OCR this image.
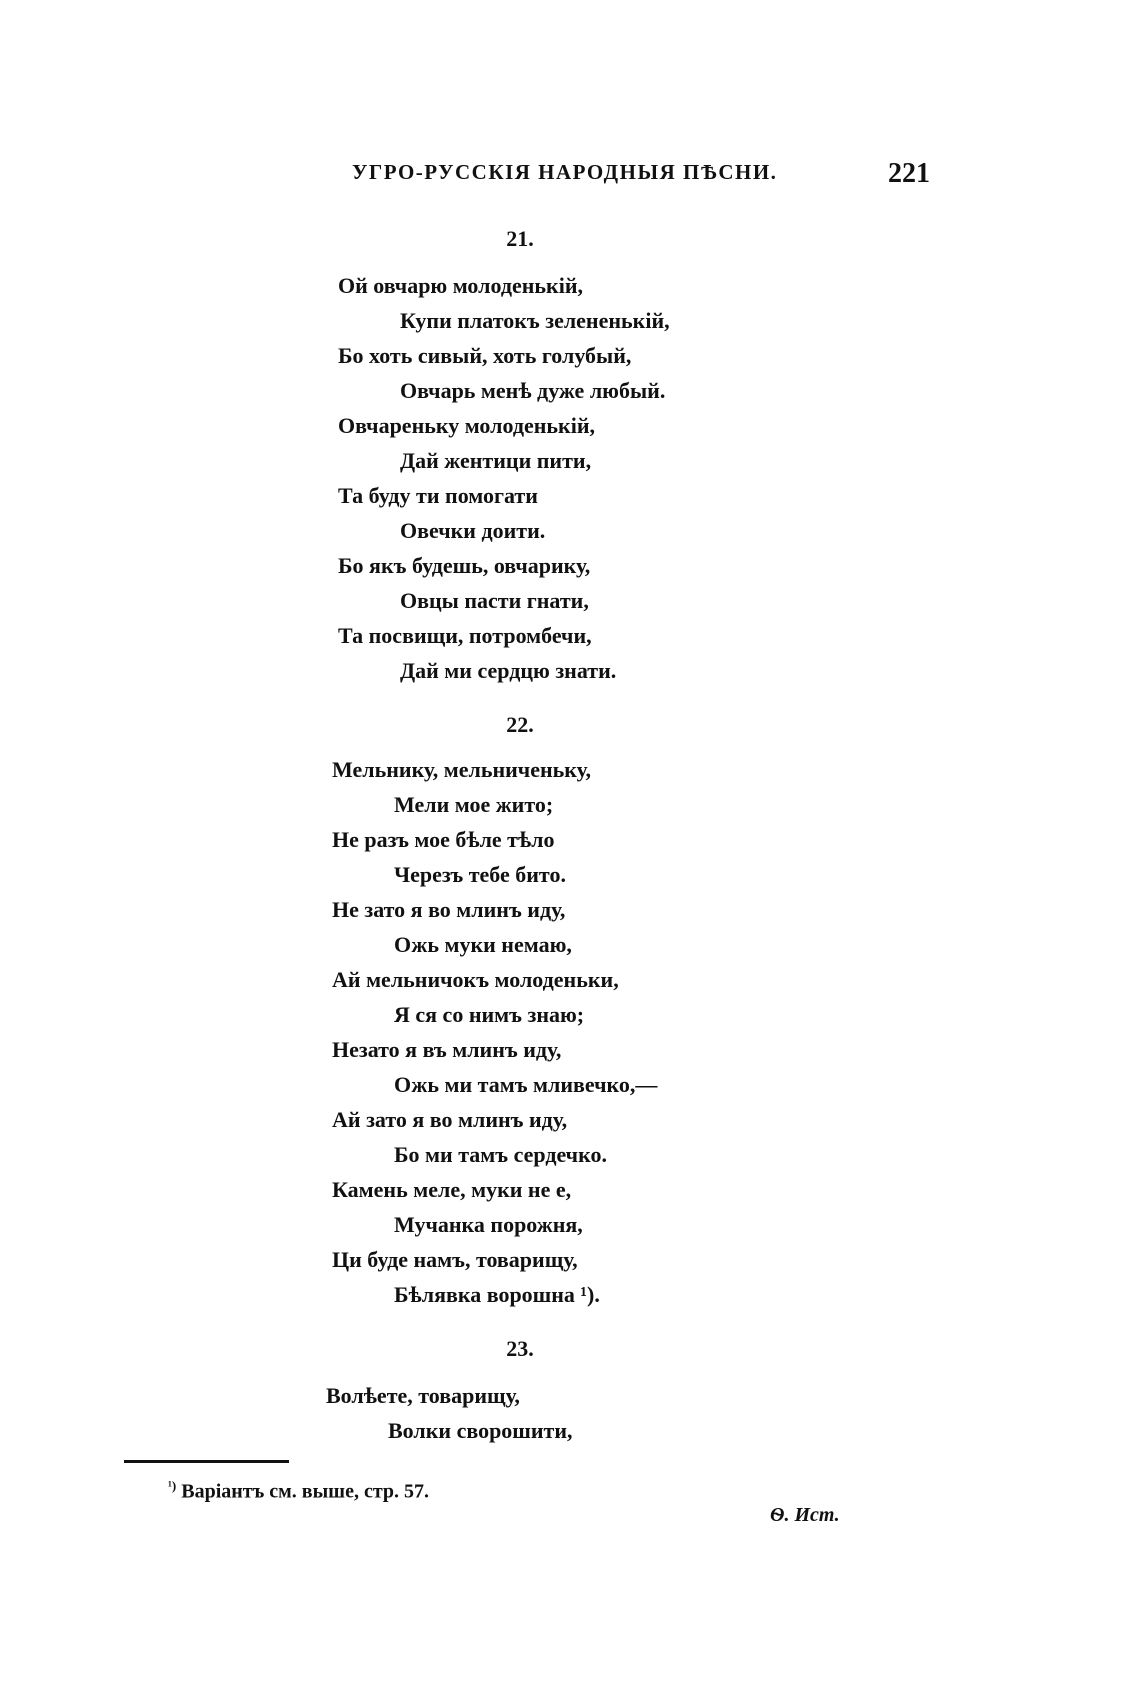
УГРО-РУССКІЯ НАРОДНЫЯ ПѢСНИ.	221
21.
Ой овчарю молоденькій,
Купи платокъ зелененькій,
Бо хоть сивый, хоть голубый,
Овчарь менѣ дуже любый.
Овчареньку молоденькій,
Дай жентици пити,
Та буду ти помогати
Овечки доити.
Бо якъ будешь, овчарику,
Овцы пасти гнати,
Та посвищи, потромбечи,
Дай ми сердцю знати.
22.
Мельнику, мельниченьку,
Мели мое жито;
Не разъ мое бѣле тѣло
Черезъ тебе бито.
Не зато я во млинъ иду,
Ожь муки немаю,
Ай мельничокъ молоденьки,
Я ся со нимъ знаю;
Незато я въ млинъ иду,
Ожь ми тамъ мливечко,—
Ай зато я во млинъ иду,
Бо ми тамъ сердечко.
Камень меле, муки не е,
Мучанка порожня,
Ци буде намъ, товарищу,
Бѣлявка ворошна ¹).
23.
Волѣете, товарищу,
Волки сворошити,
$^{^1)}$ Варіантъ см. выше, стр. 57.
Ѳ. Ист.
